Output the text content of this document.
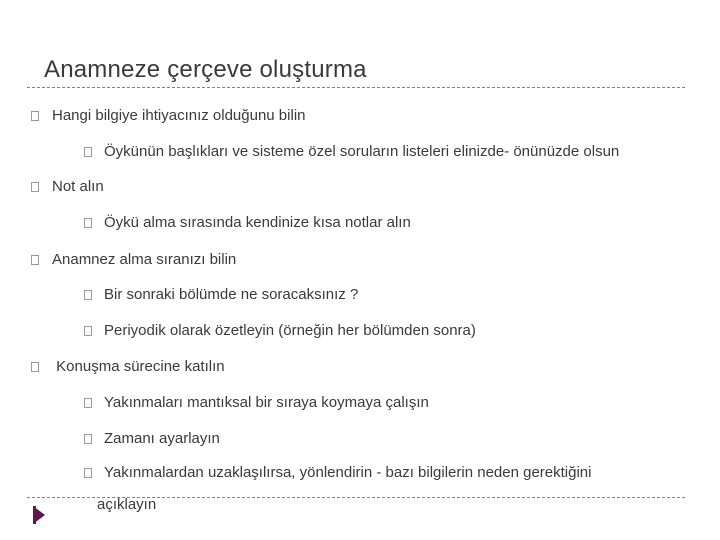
Anamneze çerçeve oluşturma
Hangi bilgiye ihtiyacınız olduğunu bilin
Öykünün başlıkları ve sisteme özel soruların listeleri elinizde- önünüzde olsun
Not alın
Öykü alma sırasında kendinize kısa notlar alın
Anamnez alma sıranızı bilin
Bir sonraki bölümde ne soracaksınız ?
Periyodik olarak özetleyin (örneğin her bölümden sonra)
Konuşma sürecine katılın
Yakınmaları mantıksal bir sıraya koymaya çalışın
Zamanı ayarlayın
Yakınmalardan uzaklaşılırsa, yönlendirin - bazı bilgilerin neden gerektiğini
açıklayın
